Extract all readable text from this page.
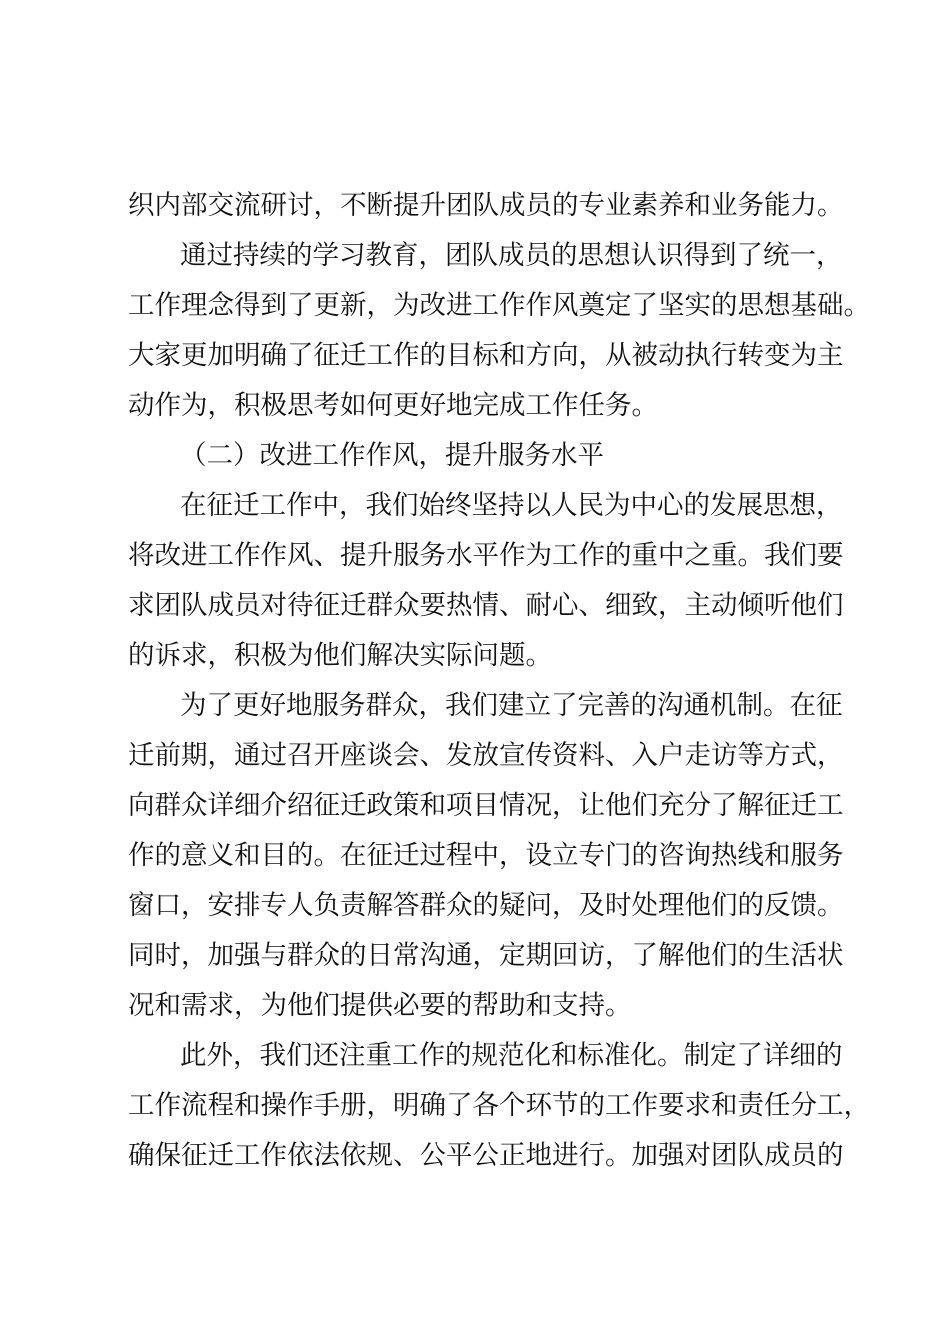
织内部交流研讨，不断提升团队成员的专业素养和业务能力。
通过持续的学习教育，团队成员的思想认识得到了统一，
工作理念得到了更新，为改进工作作风奠定了坚实的思想基础。
大家更加明确了征迁工作的目标和方向，从被动执行转变为主
动作为，积极思考如何更好地完成工作任务。
（二）改进工作作风，提升服务水平
在征迁工作中，我们始终坚持以人民为中心的发展思想，
将改进工作作风、提升服务水平作为工作的重中之重。我们要
求团队成员对待征迁群众要热情、耐心、细致，主动倾听他们
的诉求，积极为他们解决实际问题。
为了更好地服务群众，我们建立了完善的沟通机制。在征
迁前期，通过召开座谈会、发放宣传资料、入户走访等方式，
向群众详细介绍征迁政策和项目情况，让他们充分了解征迁工
作的意义和目的。在征迁过程中，设立专门的咨询热线和服务
窗口，安排专人负责解答群众的疑问，及时处理他们的反馈。
同时，加强与群众的日常沟通，定期回访，了解他们的生活状
况和需求，为他们提供必要的帮助和支持。
此外，我们还注重工作的规范化和标准化。制定了详细的
工作流程和操作手册，明确了各个环节的工作要求和责任分工，
确保征迁工作依法依规、公平公正地进行。加强对团队成员的
